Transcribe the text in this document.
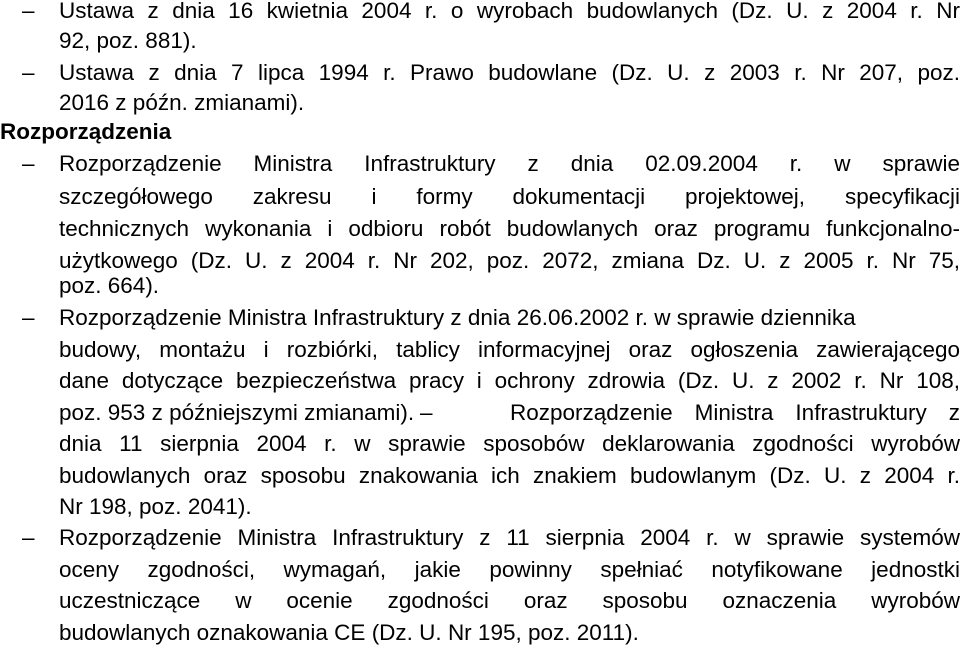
– Ustawa z dnia 16 kwietnia 2004 r. o wyrobach budowlanych (Dz. U. z 2004 r. Nr
92, poz. 881).
– Ustawa z dnia 7 lipca 1994 r. Prawo budowlane (Dz. U. z 2003 r. Nr 207, poz.
2016 z późn. zmianami).
Rozporządzenia
– Rozporządzenie Ministra Infrastruktury z dnia 02.09.2004 r. w sprawie
szczegółowego zakresu i formy dokumentacji projektowej, specyfikacji
technicznych wykonania i odbioru robót budowlanych oraz programu funkcjonalno-
użytkowego (Dz. U. z 2004 r. Nr 202, poz. 2072, zmiana Dz. U. z 2005 r. Nr 75,
poz. 664).
– Rozporządzenie Ministra Infrastruktury z dnia 26.06.2002 r. w sprawie dziennika
budowy, montażu i rozbiórki, tablicy informacyjnej oraz ogłoszenia zawierającego
dane dotyczące bezpieczeństwa pracy i ochrony zdrowia (Dz. U. z 2002 r. Nr 108,
poz. 953 z późniejszymi zmianami). –	Rozporządzenie Ministra Infrastruktury z
dnia 11 sierpnia 2004 r. w sprawie sposobów deklarowania zgodności wyrobów
budowlanych oraz sposobu znakowania ich znakiem budowlanym (Dz. U. z 2004 r.
Nr 198, poz. 2041).
– Rozporządzenie Ministra Infrastruktury z 11 sierpnia 2004 r. w sprawie systemów
oceny zgodności, wymagań, jakie powinny spełniać notyfikowane jednostki
uczestniczące w ocenie zgodności oraz sposobu oznaczenia wyrobów
budowlanych oznakowania CE (Dz. U. Nr 195, poz. 2011).
